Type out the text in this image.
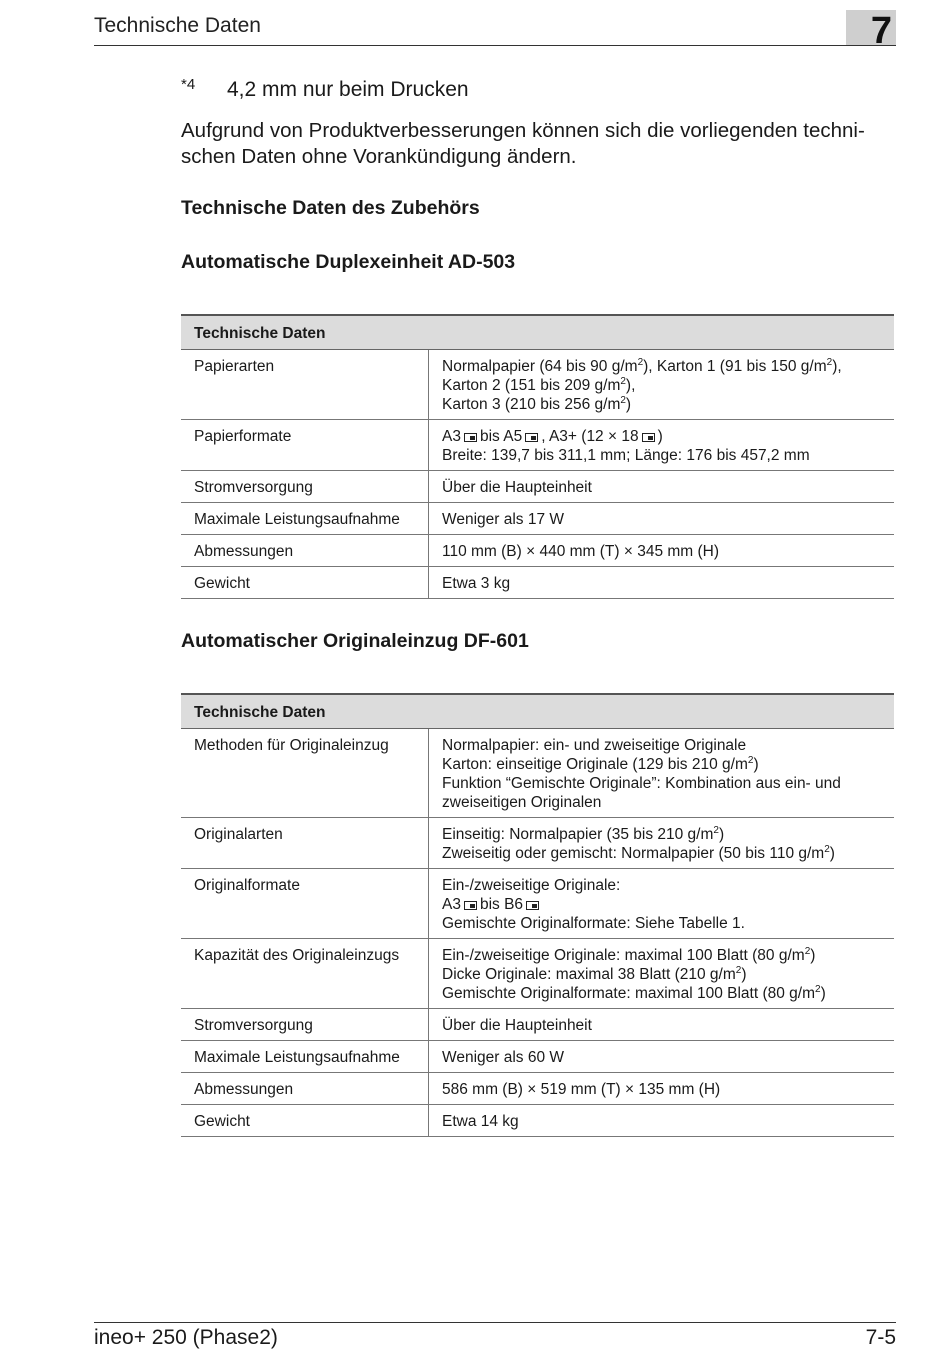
Technische Daten	7
*4 4,2 mm nur beim Drucken
Aufgrund von Produktverbesserungen können sich die vorliegenden techni-schen Daten ohne Vorankündigung ändern.
Technische Daten des Zubehörs
Automatische Duplexeinheit AD-503
Technische Daten	
Papierarten	Normalpapier (64 bis 90 $g/m^2$), Karton 1 (91 bis 150 $g/m^2$),
Karton 2 (151 bis 209 $g/m^2$),
Karton 3 (210 bis 256 $g/m^2$)

Papierformate	A3 bis A5 , A3+ (12 × 18 )
Breite: 139,7 bis 311,1 mm; Länge: 176 bis 457,2 mm

Stromversorgung	Über die Haupteinheit
Maximale Leistungsaufnahme	Weniger als 17 W
Abmessungen	110 mm (B) × 440 mm (T) × 345 mm (H)
Gewicht	Etwa 3 kg
Automatischer Originaleinzug DF-601
Technische Daten	
Methoden für Originaleinzug	Normalpapier: ein- und zweiseitige Originale
Karton: einseitige Originale (129 bis 210 $g/m^2$)
Funktion “Gemischte Originale”: Kombination aus ein- und
zweiseitigen Originalen

Originalarten	Einseitig: Normalpapier (35 bis 210 $g/m^2$)
Zweiseitig oder gemischt: Normalpapier (50 bis 110 $g/m^2$)

Originalformate	Ein-/zweiseitige Originale:
A3 bis B6
Gemischte Originalformate: Siehe Tabelle 1.

Kapazität des Originaleinzugs	Ein-/zweiseitige Originale: maximal 100 Blatt (80 $g/m^2$)
Dicke Originale: maximal 38 Blatt (210 $g/m^2$)
Gemischte Originalformate: maximal 100 Blatt (80 $g/m^2$)

Stromversorgung	Über die Haupteinheit
Maximale Leistungsaufnahme	Weniger als 60 W
Abmessungen	586 mm (B) × 519 mm (T) × 135 mm (H)
Gewicht	Etwa 14 kg
ineo+ 250 (Phase2)	7-5
